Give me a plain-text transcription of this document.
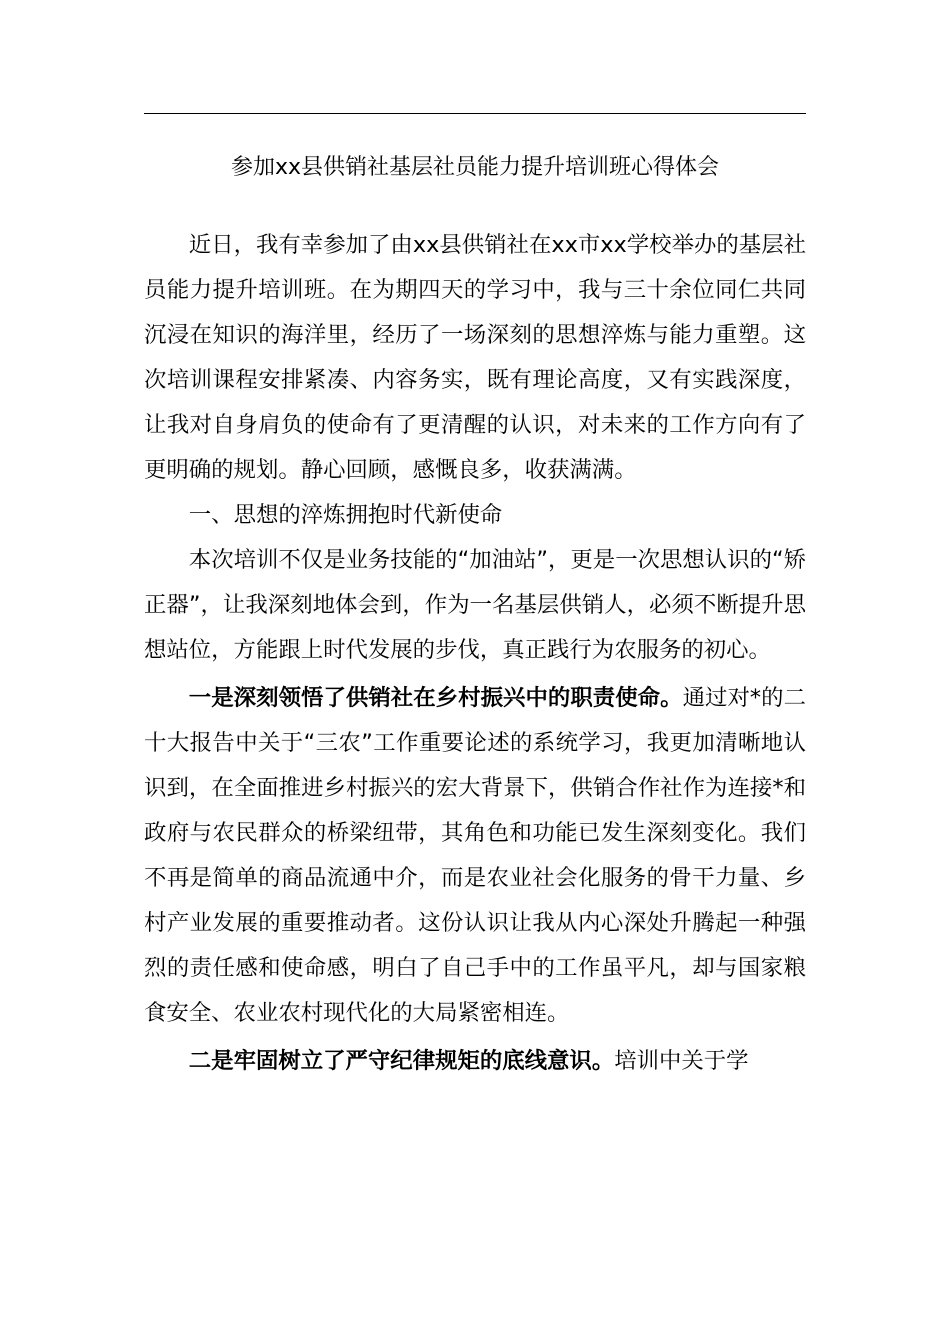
参加xx县供销社基层社员能力提升培训班心得体会

近日，我有幸参加了由xx县供销社在xx市xx学校举办的基层社员能力提升培训班。在为期四天的学习中，我与三十余位同仁共同沉浸在知识的海洋里，经历了一场深刻的思想淬炼与能力重塑。这次培训课程安排紧凑、内容务实，既有理论高度，又有实践深度，让我对自身肩负的使命有了更清醒的认识，对未来的工作方向有了更明确的规划。静心回顾，感慨良多，收获满满。

一、思想的淬炼拥抱时代新使命

本次培训不仅是业务技能的“加油站”，更是一次思想认识的“矫正器”，让我深刻地体会到，作为一名基层供销人，必须不断提升思想站位，方能跟上时代发展的步伐，真正践行为农服务的初心。

一是深刻领悟了供销社在乡村振兴中的职责使命。通过对*的二十大报告中关于“三农”工作重要论述的系统学习，我更加清晰地认识到，在全面推进乡村振兴的宏大背景下，供销合作社作为连接*和政府与农民群众的桥梁纽带，其角色和功能已发生深刻变化。我们不再是简单的商品流通中介，而是农业社会化服务的骨干力量、乡村产业发展的重要推动者。这份认识让我从内心深处升腾起一种强烈的责任感和使命感，明白了自己手中的工作虽平凡，却与国家粮食安全、农业农村现代化的大局紧密相连。

二是牢固树立了严守纪律规矩的底线意识。培训中关于学
